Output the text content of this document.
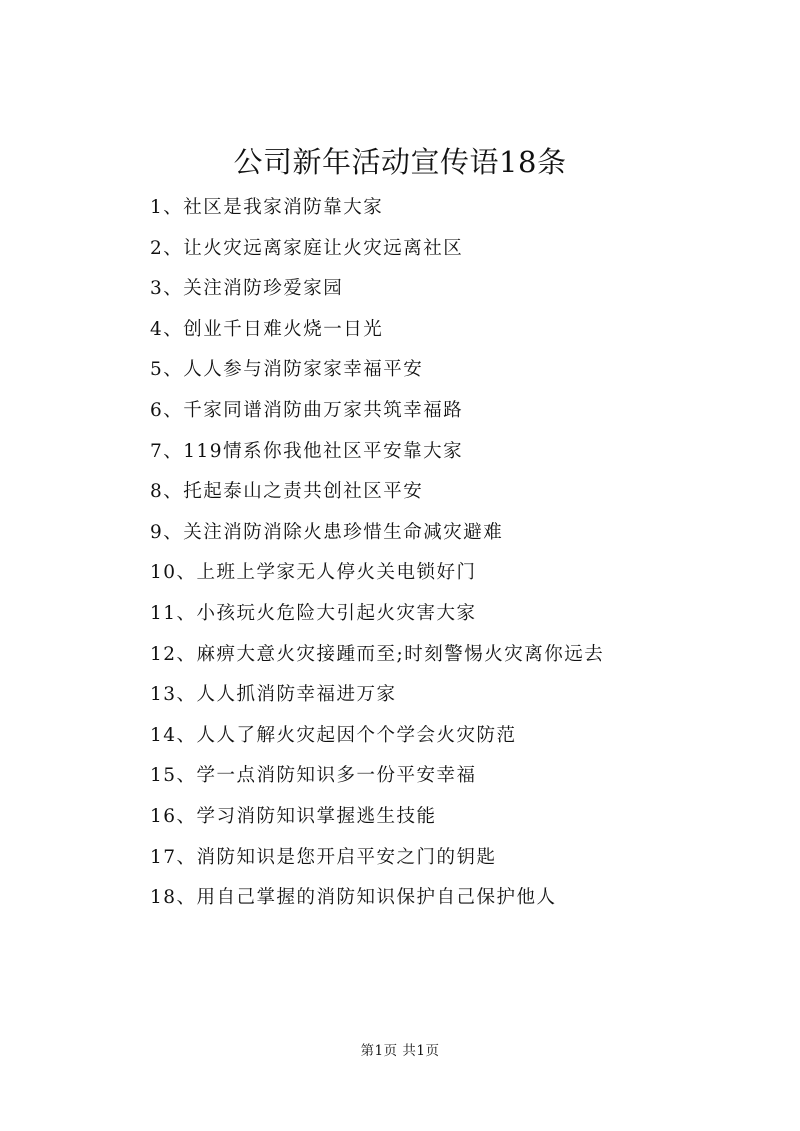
公司新年活动宣传语18条
1、社区是我家消防靠大家
2、让火灾远离家庭让火灾远离社区
3、关注消防珍爱家园
4、创业千日难火烧一日光
5、人人参与消防家家幸福平安
6、千家同谱消防曲万家共筑幸福路
7、119情系你我他社区平安靠大家
8、托起泰山之责共创社区平安
9、关注消防消除火患珍惜生命减灾避难
10、上班上学家无人停火关电锁好门
11、小孩玩火危险大引起火灾害大家
12、麻痹大意火灾接踵而至;时刻警惕火灾离你远去
13、人人抓消防幸福进万家
14、人人了解火灾起因个个学会火灾防范
15、学一点消防知识多一份平安幸福
16、学习消防知识掌握逃生技能
17、消防知识是您开启平安之门的钥匙
18、用自己掌握的消防知识保护自己保护他人
第1页 共1页
